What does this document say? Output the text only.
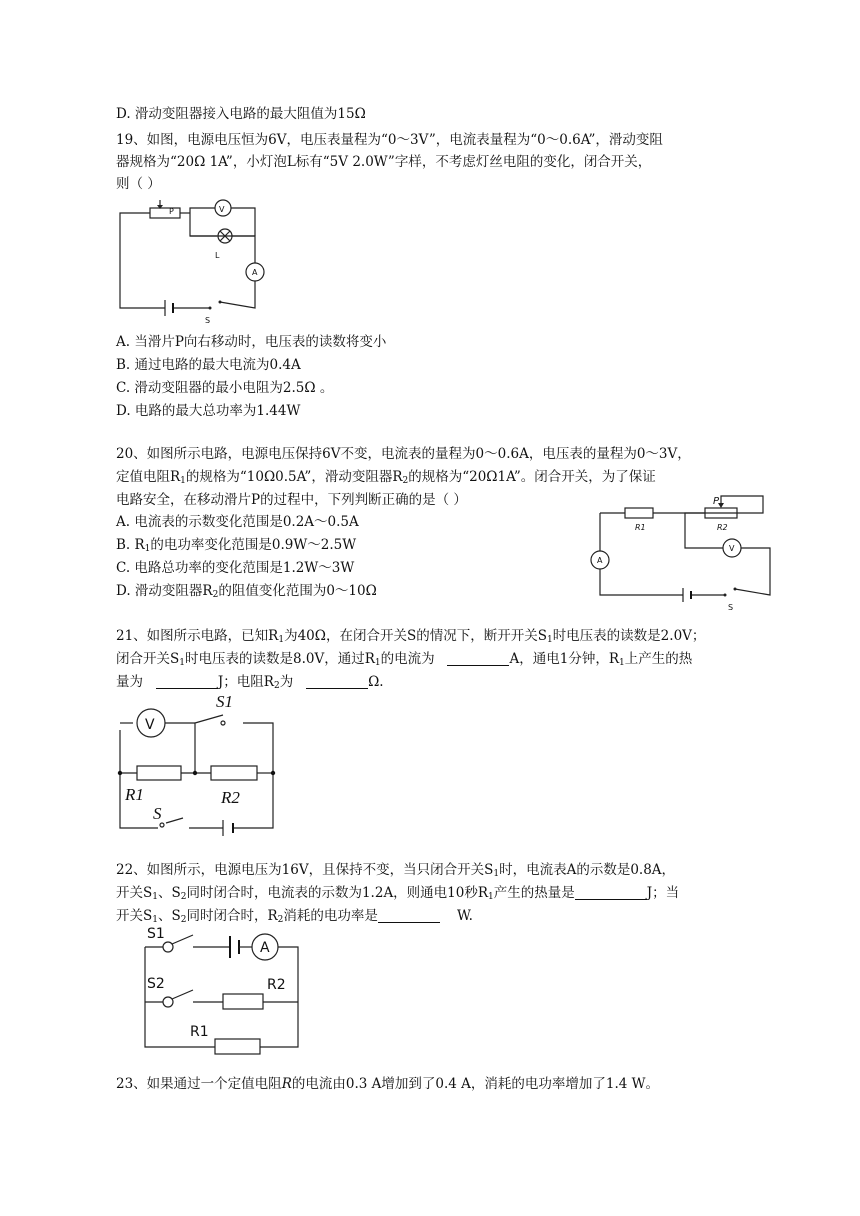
D. 滑动变阻器接入电路的最大阻值为15Ω
19、如图，电源电压恒为6V，电压表量程为“0～3V”，电流表量程为“0～0.6A”，滑动变阻
器规格为“20Ω 1A”，小灯泡L标有“5V 2.0W”字样，不考虑灯丝电阻的变化，闭合开关，
则（ ）
P	V
L
A
S
A. 当滑片P向右移动时，电压表的读数将变小
B. 通过电路的最大电流为0.4A
C. 滑动变阻器的最小电阻为2.5Ω 。
D. 电路的最大总功率为1.44W
20、如图所示电路，电源电压保持6V不变，电流表的量程为0～0.6A，电压表的量程为0～3V，
定值电阻$R_1$的规格为“10Ω0.5A”，滑动变阻器$R_2$的规格为“20Ω1A”。闭合开关，为了保证
电路安全，在移动滑片P的过程中，下列判断正确的是（ ）
A. 电流表的示数变化范围是0.2A～0.5A
B. $R_1$的电功率变化范围是0.9W～2.5W
C. 电路总功率的变化范围是1.2W～3W
D. 滑动变阻器$R_2$的阻值变化范围为0～10Ω
P
R1	R2
A
V
S
21、如图所示电路，已知$R_1$为40Ω，在闭合开关S的情况下，断开开关$S_1$时电压表的读数是2.0V；
闭合开关$S_1$时电压表的读数是8.0V，通过$R_1$的电流为	A，通电1分钟，$R_1$上产生的热
量为	J；电阻$R_2$为	Ω.
V
S1
R1	R2
S
22、如图所示，电源电压为16V，且保持不变，当只闭合开关$S_1$时，电流表A的示数是0.8A，
开关$S_1$、$S_2$同时闭合时，电流表的示数为1.2A，则通电10秒$R_1$产生的热量是	J；当
开关$S_1$、$S_2$同时闭合时，$R_2$消耗的电功率是	W.
S1
S2
A
R2
R1
23、如果通过一个定值电阻R的电流由0.3 A增加到了0.4 A，消耗的电功率增加了1.4 W。
